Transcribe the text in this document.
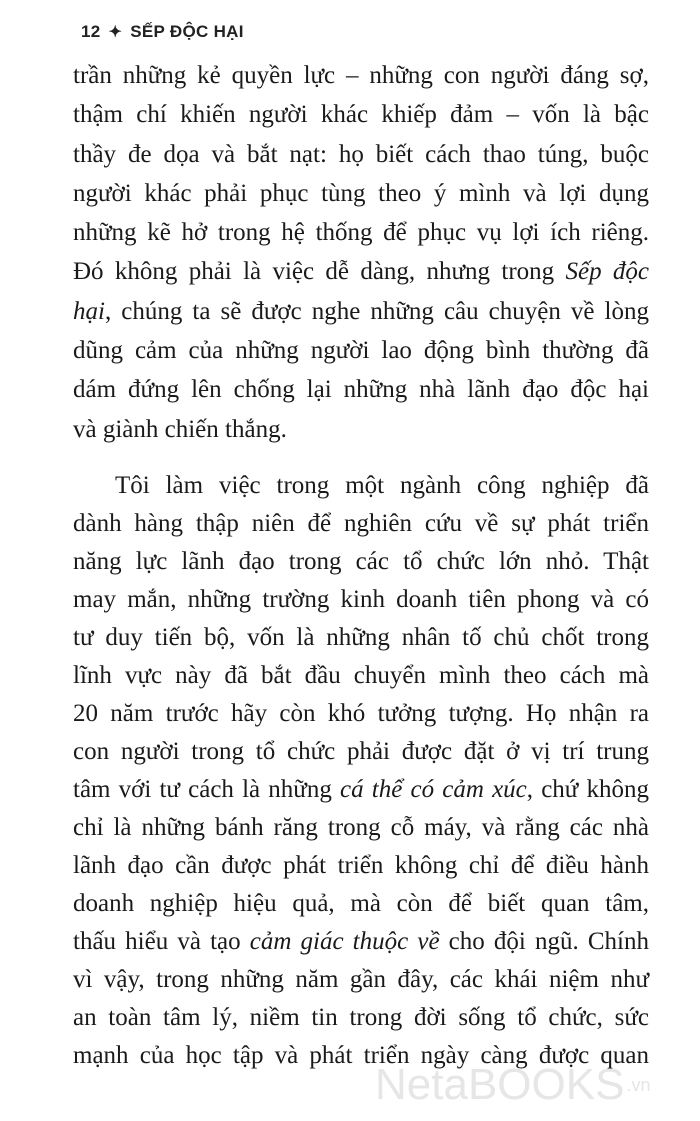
12 ✦ SẾP ĐỘC HẠI
trần những kẻ quyền lực – những con người đáng sợ,
thậm chí khiến người khác khiếp đảm – vốn là bậc
thầy đe dọa và bắt nạt: họ biết cách thao túng, buộc
người khác phải phục tùng theo ý mình và lợi dụng
những kẽ hở trong hệ thống để phục vụ lợi ích riêng.
Đó không phải là việc dễ dàng, nhưng trong Sếp độc
hại, chúng ta sẽ được nghe những câu chuyện về lòng
dũng cảm của những người lao động bình thường đã
dám đứng lên chống lại những nhà lãnh đạo độc hại
và giành chiến thắng.
Tôi làm việc trong một ngành công nghiệp đã
dành hàng thập niên để nghiên cứu về sự phát triển
năng lực lãnh đạo trong các tổ chức lớn nhỏ. Thật
may mắn, những trường kinh doanh tiên phong và có
tư duy tiến bộ, vốn là những nhân tố chủ chốt trong
lĩnh vực này đã bắt đầu chuyển mình theo cách mà
20 năm trước hãy còn khó tưởng tượng. Họ nhận ra
con người trong tổ chức phải được đặt ở vị trí trung
tâm với tư cách là những cá thể có cảm xúc, chứ không
chỉ là những bánh răng trong cỗ máy, và rằng các nhà
lãnh đạo cần được phát triển không chỉ để điều hành
doanh nghiệp hiệu quả, mà còn để biết quan tâm,
thấu hiểu và tạo cảm giác thuộc về cho đội ngũ. Chính
vì vậy, trong những năm gần đây, các khái niệm như
an toàn tâm lý, niềm tin trong đời sống tổ chức, sức
mạnh của học tập và phát triển ngày càng được quan
NetaBOOKS .vn
